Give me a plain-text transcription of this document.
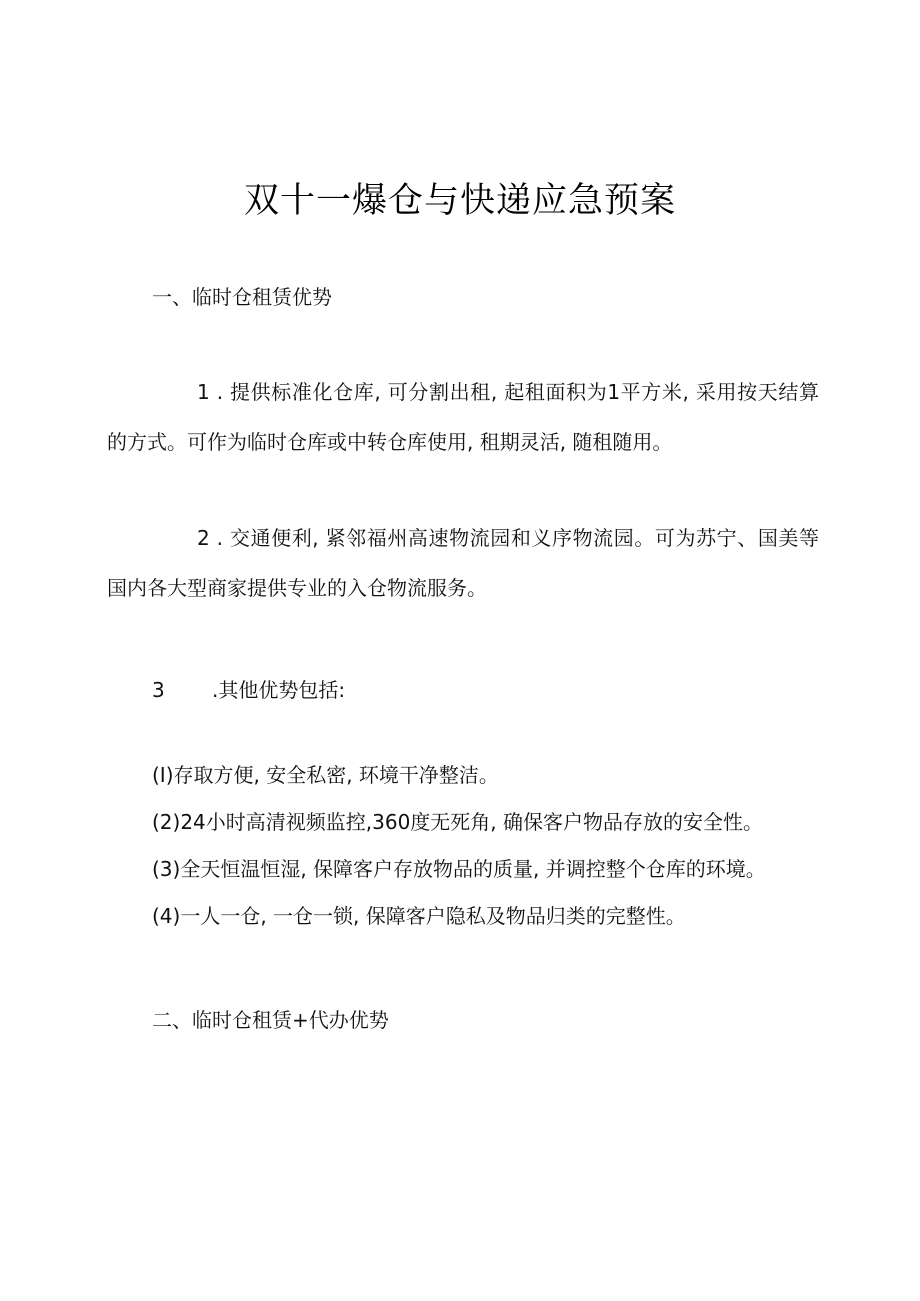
双十一爆仓与快递应急预案
一、临时仓租赁优势
1 . 提供标准化仓库, 可分割出租, 起租面积为1平方米, 采用按天结算的方式。可作为临时仓库或中转仓库使用, 租期灵活, 随租随用。
2 . 交通便利, 紧邻福州高速物流园和义序物流园。可为苏宁、国美等国内各大型商家提供专业的入仓物流服务。
3 .其他优势包括:
(I)存取方便, 安全私密, 环境干净整洁。
(2)24小时高清视频监控,360度无死角, 确保客户物品存放的安全性。
(3)全天恒温恒湿, 保障客户存放物品的质量, 并调控整个仓库的环境。
(4)一人一仓, 一仓一锁, 保障客户隐私及物品归类的完整性。
二、临时仓租赁+代办优势
